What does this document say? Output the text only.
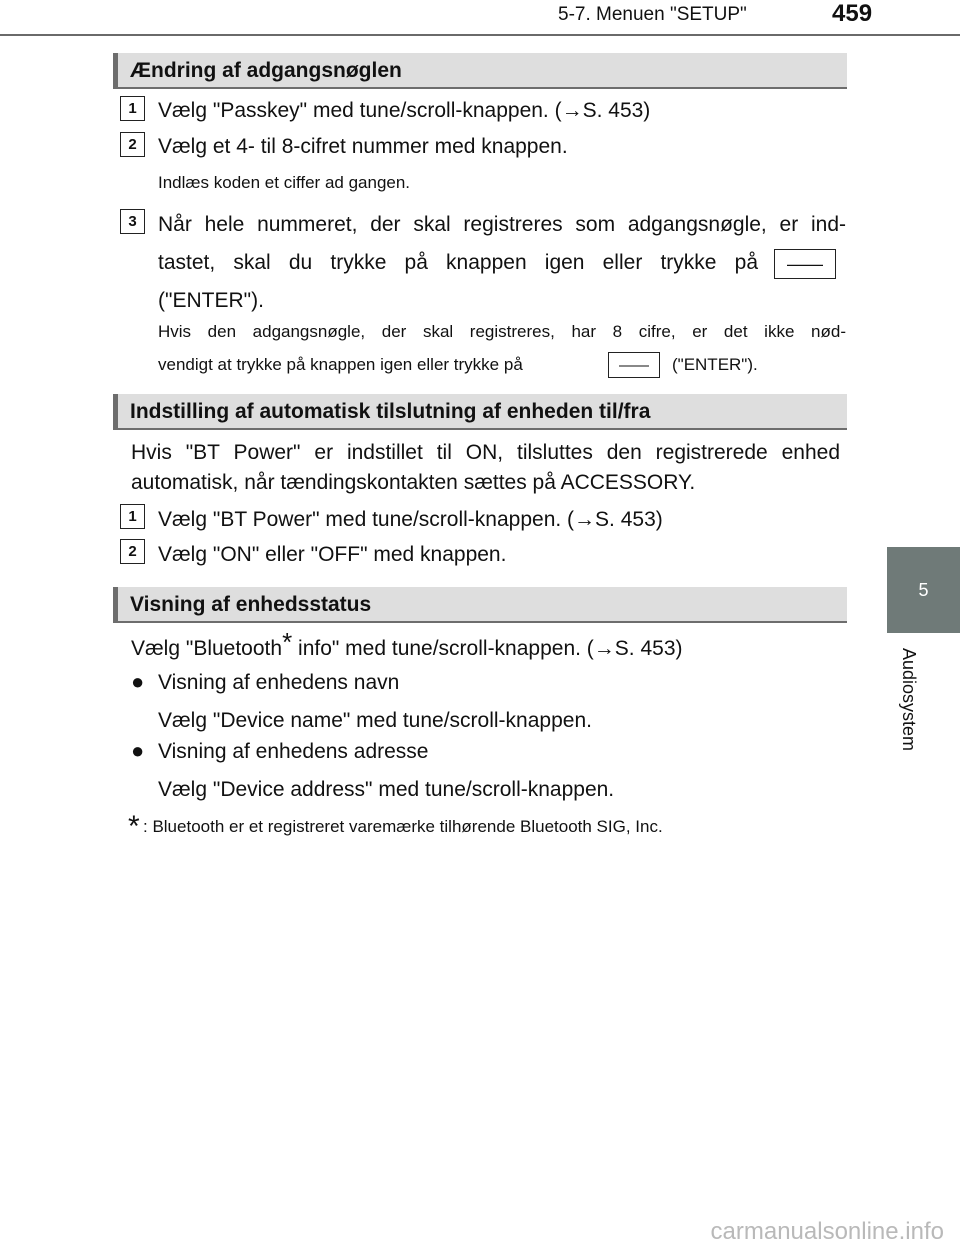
5-7. Menuen "SETUP"	459
5
Audiosystem
Ændring af adgangsnøglen
1	Vælg "Passkey" med tune/scroll-knappen. (→S. 453)
2	Vælg et 4- til 8-cifret nummer med knappen.
Indlæs koden et ciffer ad gangen.
3	Når hele nummeret, der skal registreres som adgangsnøgle, er ind-
tastet, skal du trykke på knappen igen eller trykke på ——
("ENTER").
Hvis den adgangsnøgle, der skal registreres, har 8 cifre, er det ikke nød-
vendigt at trykke på knappen igen eller trykke på	—— ("ENTER").
Indstilling af automatisk tilslutning af enheden til/fra
Hvis "BT Power" er indstillet til ON, tilsluttes den registrerede enhed
automatisk, når tændingskontakten sættes på ACCESSORY.
1	Vælg "BT Power" med tune/scroll-knappen. (→S. 453)
2	Vælg "ON" eller "OFF" med knappen.
Visning af enhedsstatus
Vælg "Bluetooth* info" med tune/scroll-knappen. (→S. 453)
● Visning af enhedens navn
Vælg "Device name" med tune/scroll-knappen.
● Visning af enhedens adresse
Vælg "Device address" med tune/scroll-knappen.
* : Bluetooth er et registreret varemærke tilhørende Bluetooth SIG, Inc.
carmanualsonline.info
